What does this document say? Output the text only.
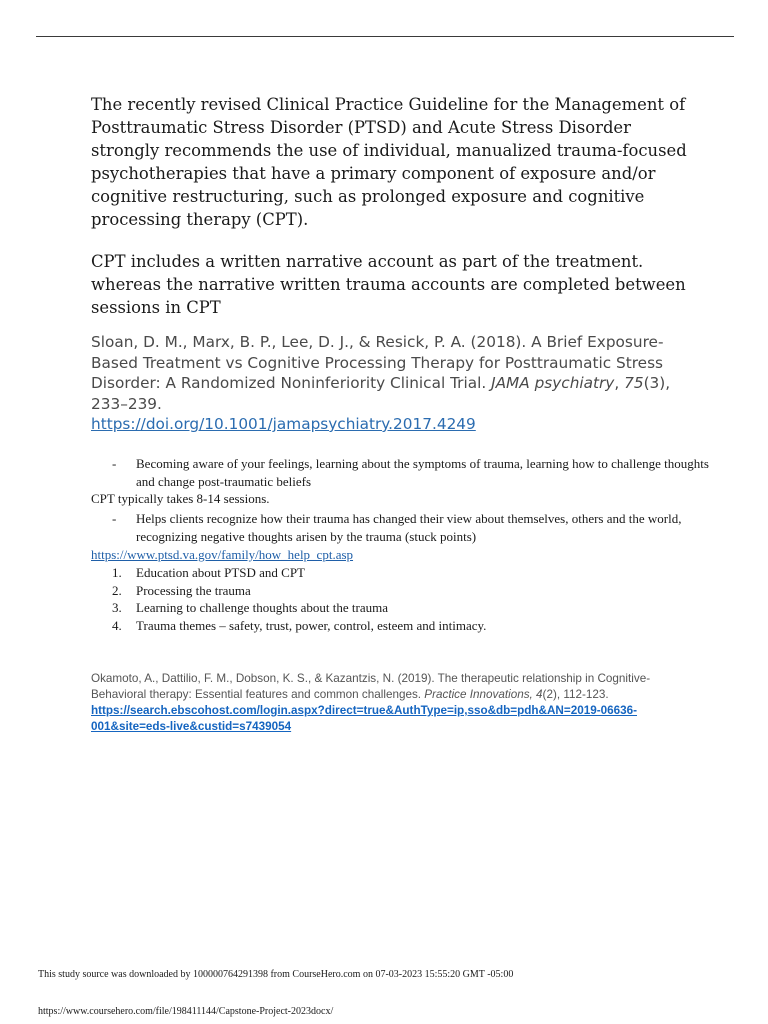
The recently revised Clinical Practice Guideline for the Management of Posttraumatic Stress Disorder (PTSD) and Acute Stress Disorder strongly recommends the use of individual, manualized trauma-focused psychotherapies that have a primary component of exposure and/or cognitive restructuring, such as prolonged exposure and cognitive processing therapy (CPT).

CPT includes a written narrative account as part of the treatment. whereas the narrative written trauma accounts are completed between sessions in CPT

Sloan, D. M., Marx, B. P., Lee, D. J., & Resick, P. A. (2018). A Brief Exposure-Based Treatment vs Cognitive Processing Therapy for Posttraumatic Stress Disorder: A Randomized Noninferiority Clinical Trial. JAMA psychiatry, 75(3), 233–239.
https://doi.org/10.1001/jamapsychiatry.2017.4249

-	Becoming aware of your feelings, learning about the symptoms of trauma, learning how to challenge thoughts and change post-traumatic beliefs

CPT typically takes 8-14 sessions.

-	Helps clients recognize how their trauma has changed their view about themselves, others and the world, recognizing negative thoughts arisen by the trauma (stuck points)

https://www.ptsd.va.gov/family/how_help_cpt.asp
1. Education about PTSD and CPT
2. Processing the trauma
3. Learning to challenge thoughts about the trauma
4. Trauma themes – safety, trust, power, control, esteem and intimacy.

Okamoto, A., Dattilio, F. M., Dobson, K. S., & Kazantzis, N. (2019). The therapeutic relationship in Cognitive-Behavioral therapy: Essential features and common challenges. Practice Innovations, 4(2), 112-123. https://search.ebscohost.com/login.aspx?direct=true&AuthType=ip,sso&db=pdh&AN=2019-06636-001&site=eds-live&custid=s7439054

This study source was downloaded by 100000764291398 from CourseHero.com on 07-03-2023 15:55:20 GMT -05:00

https://www.coursehero.com/file/198411144/Capstone-Project-2023docx/
